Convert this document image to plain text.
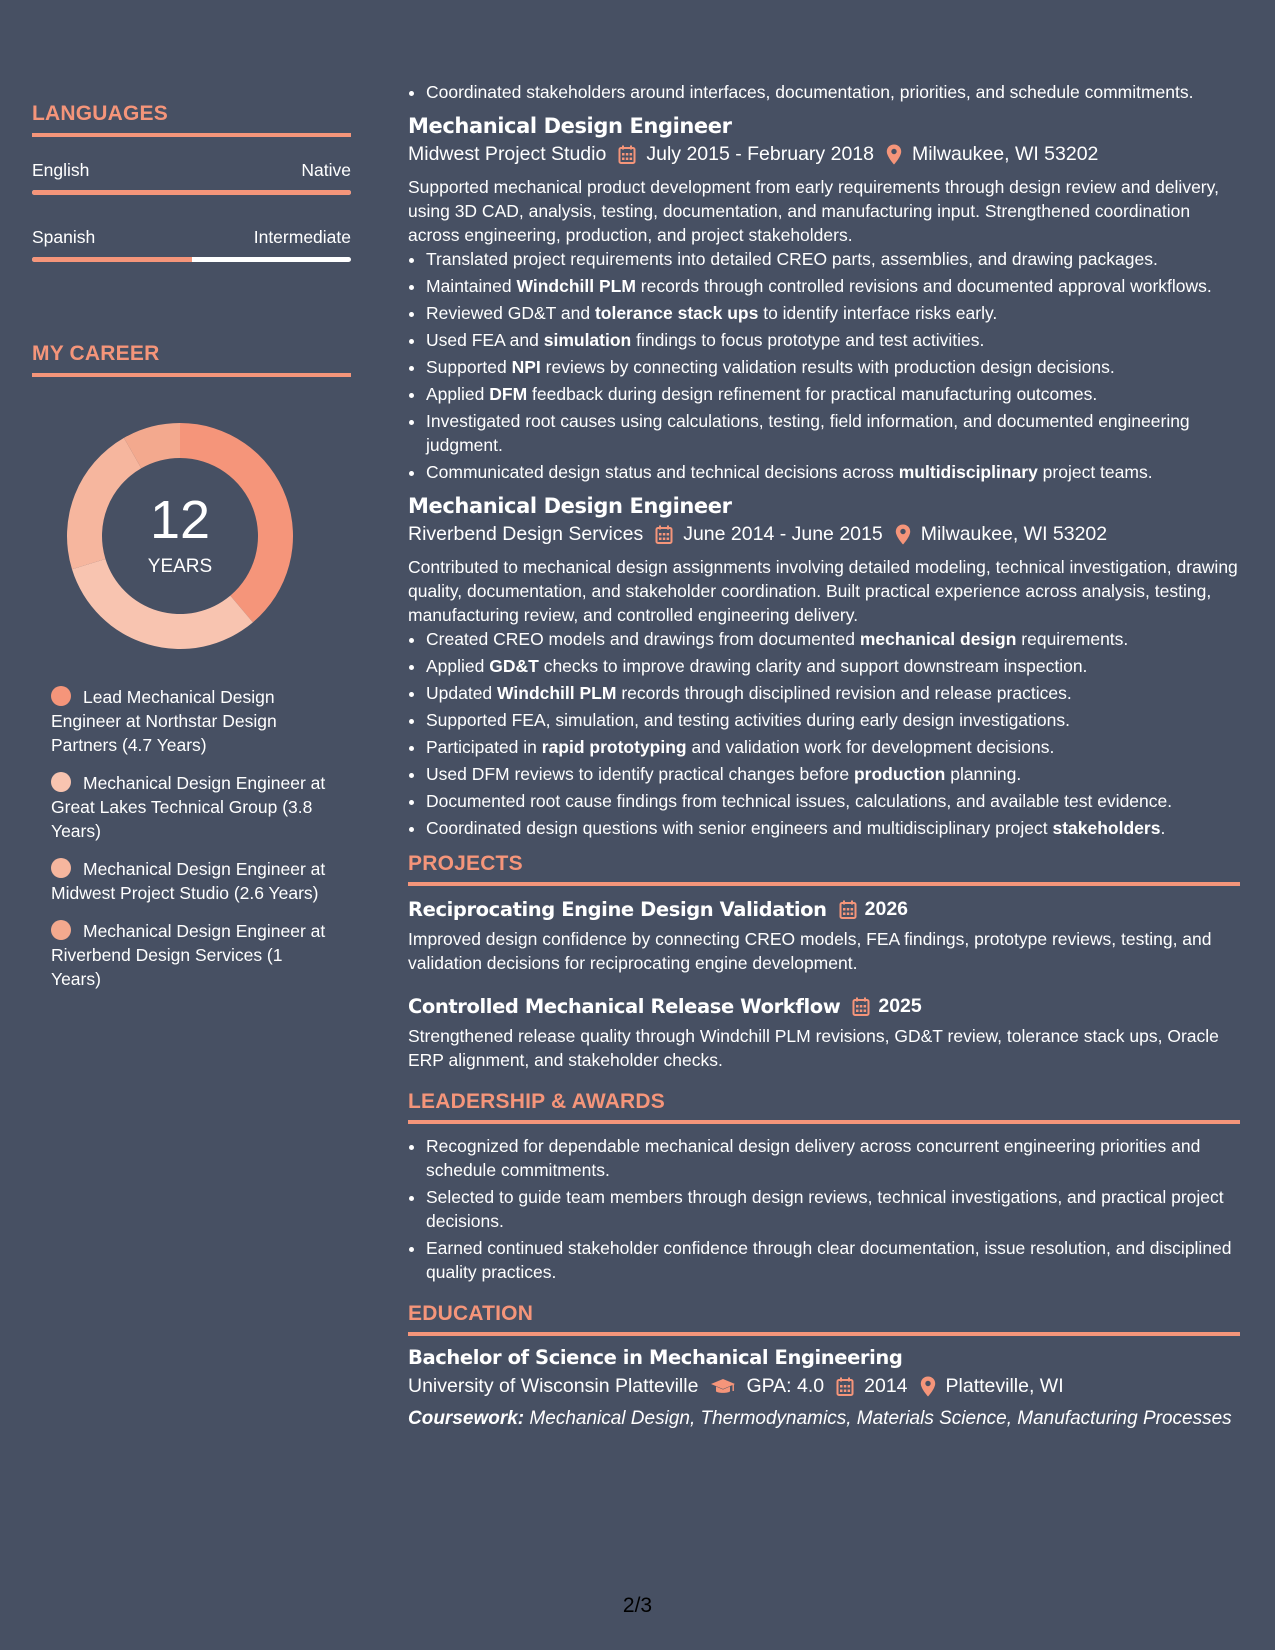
LANGUAGES
English	Native
Spanish	Intermediate
MY CAREER
12
YEARS
Lead Mechanical Design Engineer at Northstar Design Partners (4.7 Years)
Mechanical Design Engineer at Great Lakes Technical Group (3.8 Years)
Mechanical Design Engineer at Midwest Project Studio (2.6 Years)
Mechanical Design Engineer at Riverbend Design Services (1 Years)
• Coordinated stakeholders around interfaces, documentation, priorities, and schedule commitments.
Mechanical Design Engineer
Midwest Project Studio July 2015 - February 2018 Milwaukee, WI 53202

Supported mechanical product development from early requirements through design review and delivery, using 3D CAD, analysis, testing, documentation, and manufacturing input. Strengthened coordination across engineering, production, and project stakeholders.

• Translated project requirements into detailed CREO parts, assemblies, and drawing packages.
• Maintained Windchill PLM records through controlled revisions and documented approval workflows.
• Reviewed GD&T and tolerance stack ups to identify interface risks early.
• Used FEA and simulation findings to focus prototype and test activities.
• Supported NPI reviews by connecting validation results with production design decisions.
• Applied DFM feedback during design refinement for practical manufacturing outcomes.
• Investigated root causes using calculations, testing, field information, and documented engineering judgment.
• Communicated design status and technical decisions across multidisciplinary project teams.
Mechanical Design Engineer
Riverbend Design Services June 2014 - June 2015 Milwaukee, WI 53202

Contributed to mechanical design assignments involving detailed modeling, technical investigation, drawing quality, documentation, and stakeholder coordination. Built practical experience across analysis, testing, manufacturing review, and controlled engineering delivery.

• Created CREO models and drawings from documented mechanical design requirements.
• Applied GD&T checks to improve drawing clarity and support downstream inspection.
• Updated Windchill PLM records through disciplined revision and release practices.
• Supported FEA, simulation, and testing activities during early design investigations.
• Participated in rapid prototyping and validation work for development decisions.
• Used DFM reviews to identify practical changes before production planning.
• Documented root cause findings from technical issues, calculations, and available test evidence.
• Coordinated design questions with senior engineers and multidisciplinary project stakeholders.
PROJECTS
Reciprocating Engine Design Validation 2026

Improved design confidence by connecting CREO models, FEA findings, prototype reviews, testing, and validation decisions for reciprocating engine development.

Controlled Mechanical Release Workflow 2025

Strengthened release quality through Windchill PLM revisions, GD&T review, tolerance stack ups, Oracle ERP alignment, and stakeholder checks.

LEADERSHIP & AWARDS
• Recognized for dependable mechanical design delivery across concurrent engineering priorities and schedule commitments.
• Selected to guide team members through design reviews, technical investigations, and practical project decisions.
• Earned continued stakeholder confidence through clear documentation, issue resolution, and disciplined quality practices.
EDUCATION
Bachelor of Science in Mechanical Engineering
University of Wisconsin Platteville GPA: 4.0 2014 Platteville, WI
Coursework: Mechanical Design, Thermodynamics, Materials Science, Manufacturing Processes
2/3
